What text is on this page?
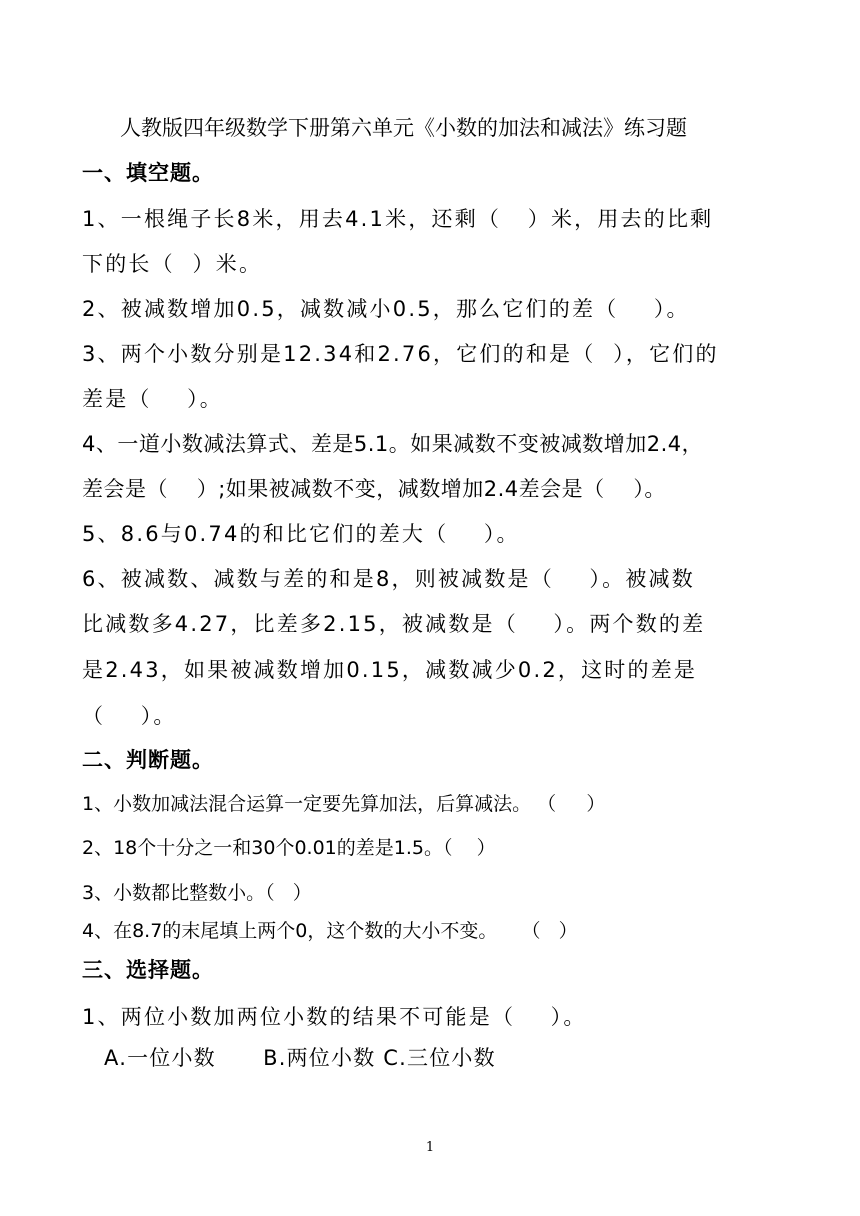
人教版四年级数学下册第六单元《小数的加法和减法》练习题
一、填空题。
1、一根绳子长8米，用去4.1米，还剩（   ）米，用去的比剩
下的长（  ）米。
2、被减数增加0.5，减数减小0.5，那么它们的差（    ）。
3、两个小数分别是12.34和2.76，它们的和是（  ），它们的
差是（    ）。
4、一道小数减法算式、差是5.1。如果减数不变被减数增加2.4，
差会是（    ）;如果被减数不变，减数增加2.4差会是（    ）。
5、8.6与0.74的和比它们的差大（    ）。
6、被减数、减数与差的和是8，则被减数是（    ）。被减数
比减数多4.27，比差多2.15，被减数是（    ）。两个数的差
是2.43，如果被减数增加0.15，减数减少0.2，这时的差是
（    ）。
二、判断题。
1、小数加减法混合运算一定要先算加法，后算减法。 （     ）
2、18个十分之一和30个0.01的差是1.5。（    ）
3、小数都比整数小。（   ）
4、在8.7的末尾填上两个0，这个数的大小不变。    （   ）
三、选择题。
1、两位小数加两位小数的结果不可能是（    ）。
A.一位小数      B.两位小数 C.三位小数
1
